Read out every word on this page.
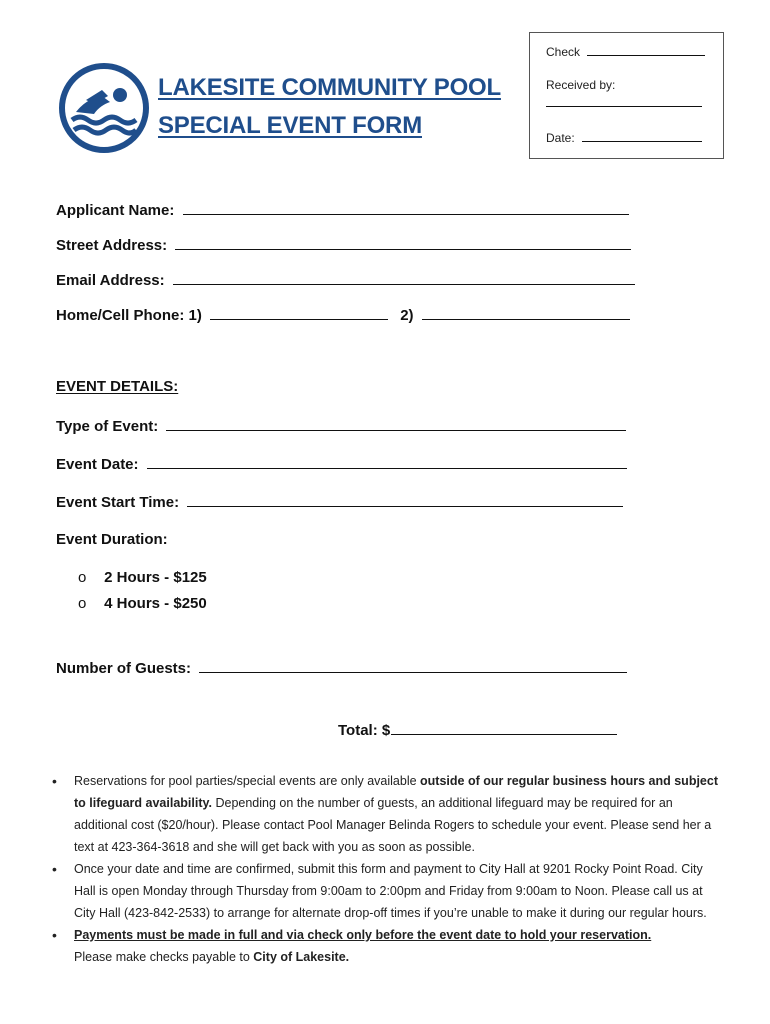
LAKESITE COMMUNITY POOL
SPECIAL EVENT FORM
Check
Received by:
Date:
Applicant Name:
Street Address:
Email Address:
Home/Cell Phone: 1)	2)
EVENT DETAILS:
Type of Event:
Event Date:
Event Start Time:
Event Duration:
o 2 Hours - $125
o 4 Hours - $250
Number of Guests:
Total: $

• Reservations for pool parties/special events are only available outside of our regular business hours and subject to lifeguard availability. Depending on the number of guests, an additional lifeguard may be required for an additional cost ($20/hour). Please contact Pool Manager Belinda Rogers to schedule your event. Please send her a text at 423-364-3618 and she will get back with you as soon as possible.

• Once your date and time are confirmed, submit this form and payment to City Hall at 9201 Rocky Point Road. City Hall is open Monday through Thursday from 9:00am to 2:00pm and Friday from 9:00am to Noon. Please call us at City Hall (423-842-2533) to arrange for alternate drop-off times if you’re unable to make it during our regular hours.

• Payments must be made in full and via check only before the event date to hold your reservation.
Please make checks payable to City of Lakesite.
